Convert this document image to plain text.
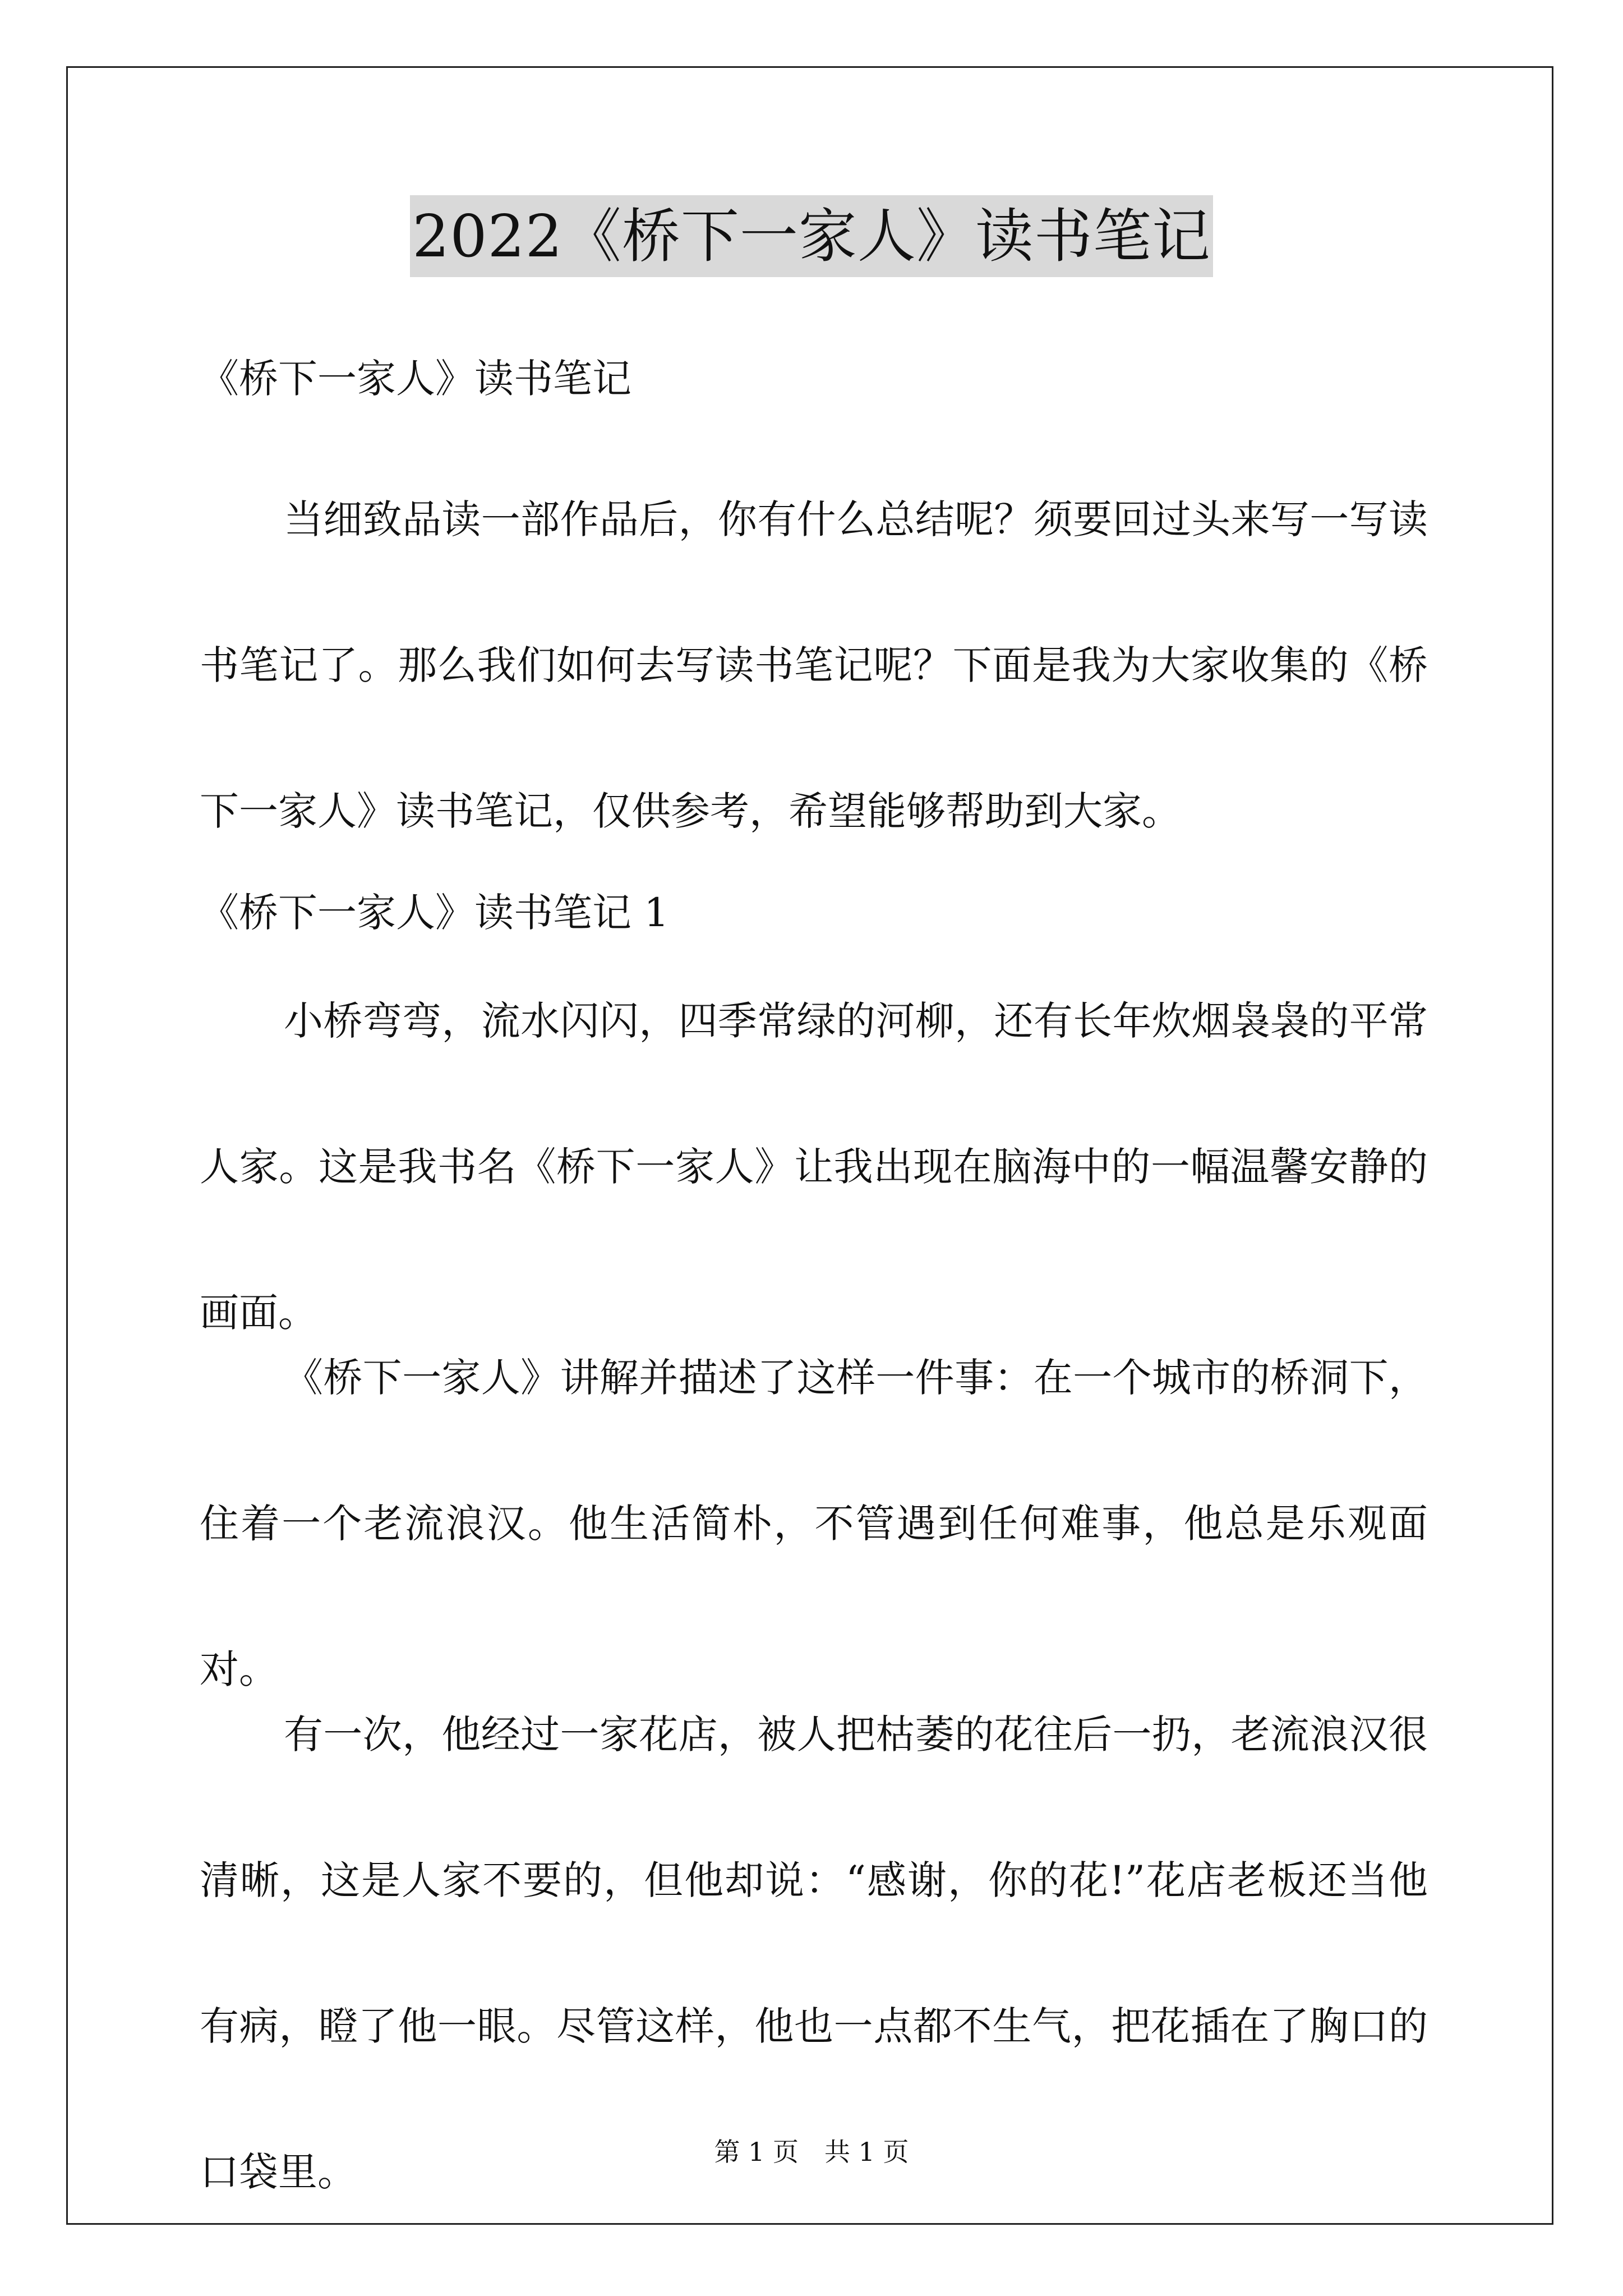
2022《桥下一家人》读书笔记

《桥下一家人》读书笔记

当细致品读一部作品后，你有什么总结呢？须要回过头来写一写读书笔记了。那么我们如何去写读书笔记呢？下面是我为大家收集的《桥下一家人》读书笔记，仅供参考，希望能够帮助到大家。

《桥下一家人》读书笔记 1

小桥弯弯，流水闪闪，四季常绿的河柳，还有长年炊烟袅袅的平常人家。这是我书名《桥下一家人》让我出现在脑海中的一幅温馨安静的画面。

《桥下一家人》讲解并描述了这样一件事：在一个城市的桥洞下，住着一个老流浪汉。他生活简朴，不管遇到任何难事，他总是乐观面对。

有一次，他经过一家花店，被人把枯萎的花往后一扔，老流浪汉很清晰，这是人家不要的，但他却说：“感谢，你的花!”花店老板还当他有病，瞪了他一眼。尽管这样，他也一点都不生气，把花插在了胸口的口袋里。	第 1 页　共 1 页
